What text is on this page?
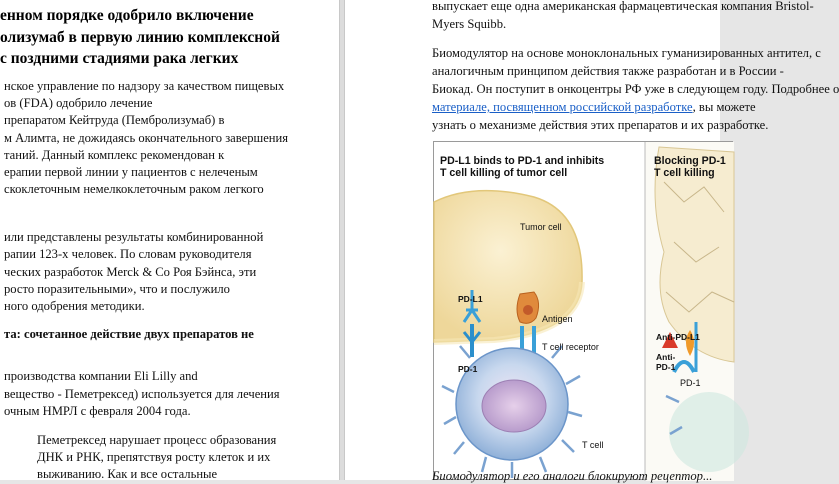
енном порядке одобрило включение
олизумаб в первую линию комплексной
с поздними стадиями рака легких
нское управление по надзору за качеством пищевых
ов (FDA) одобрило лечение
препаратом Кейтруда (Пембролизумаб) в
м Алимта, не дожидаясь окончательного завершения
таний. Данный комплекс рекомендован к
ерапии первой линии у пациентов с нелеченым
скоклеточным немелкоклеточным раком легкого
или представлены результаты комбинированной
рапии 123-х человек. По словам руководителя
ческих разработок Merck & Co Роя Бэйнса, эти
росто поразительными», что и послужило
ного одобрения методики.
та: сочетанное действие двух препаратов не
производства компании Eli Lilly and
вещество - Пеметрексед) используется для лечения
очным НМРЛ с февраля 2004 года.
Пеметрексед нарушает процесс образования
ДНК и РНК, препятствуя росту клеток и их
выживанию. Как и все остальные
выпускает еще одна американская фармацевтическая компания Bristol-
Myers Squibb.
Биомодулятор на основе моноклональных гуманизированных антител, с
аналогичным принципом действия также разработан и в России -
Биокад. Он поступит в онкоцентры РФ уже в следующем году. Подробнее о
материале, посвященном российской разработке, вы можете
узнать о механизме действия этих препаратов и их разработке.
PD-L1 binds to PD-1 and inhibits
T cell killing of tumor cell
Blocking PD-1
T cell killing
Tumor cell
PD-L1
Antigen
T cell receptor
PD-1
T cell
Anti-PD-L1
Anti-
PD-1
PD-1
Биомодулятор и его аналоги блокируют рецептор...
